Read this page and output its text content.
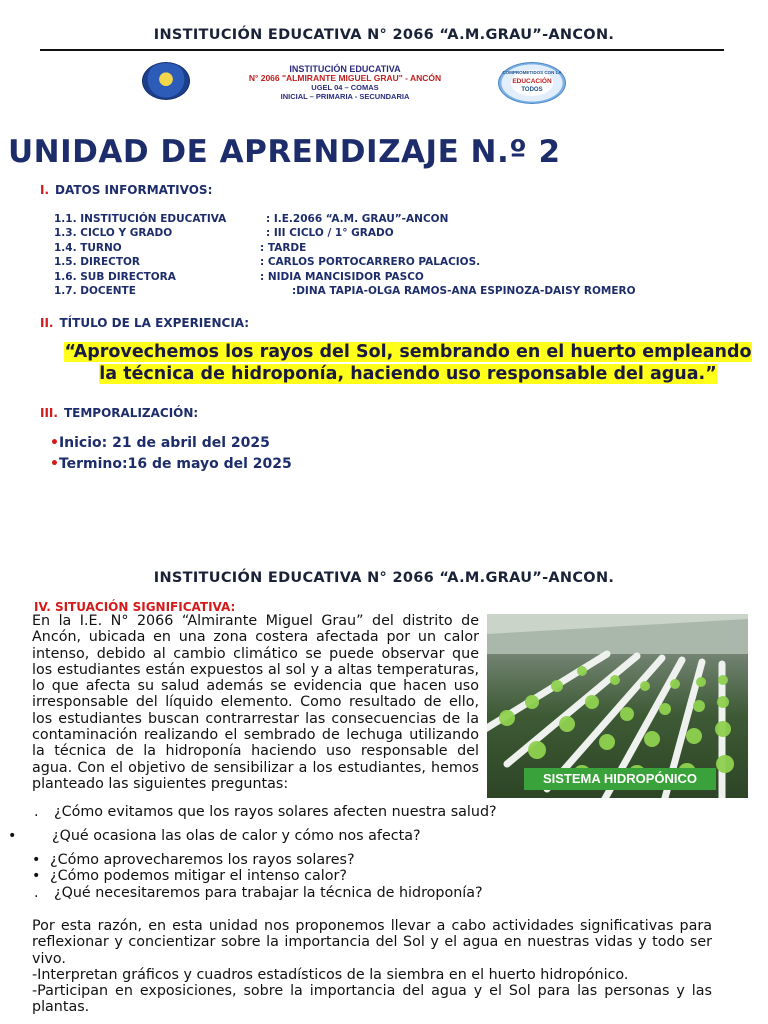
INSTITUCIÓN EDUCATIVA N° 2066 “A.M.GRAU”-ANCON.
INSTITUCIÓN EDUCATIVA
N° 2066 "ALMIRANTE MIGUEL GRAU" - ANCÓN
UGEL 04 – COMAS
INICIAL – PRIMARIA - SECUNDARIA
COMPROMETIDOS CON LA
EDUCACIÓN
TODOS
UNIDAD DE APRENDIZAJE N.º 2
I. DATOS INFORMATIVOS:
1.1. INSTITUCIÓN EDUCATIVA	: I.E.2066 “A.M. GRAU”-ANCON
1.3. CICLO Y GRADO	: III CICLO / 1° GRADO
1.4. TURNO	: TARDE
1.5. DIRECTOR	: CARLOS PORTOCARRERO PALACIOS.
1.6. SUB DIRECTORA	: NIDIA MANCISIDOR PASCO
1.7. DOCENTE	:DINA TAPIA-OLGA RAMOS-ANA ESPINOZA-DAISY ROMERO
II. TÍTULO DE LA EXPERIENCIA:
“Aprovechemos los rayos del Sol, sembrando en el huerto empleando la técnica de hidroponía, haciendo uso responsable del agua.”
III. TEMPORALIZACIÓN:
•Inicio: 21 de abril del 2025
•Termino:16 de mayo del 2025
INSTITUCIÓN EDUCATIVA N° 2066 “A.M.GRAU”-ANCON.
IV. SITUACIÓN SIGNIFICATIVA:
En la I.E. N° 2066 “Almirante Miguel Grau” del distrito de Ancón, ubicada en una zona costera afectada por un calor intenso, debido al cambio climático se puede observar que los estudiantes están expuestos al sol y a altas temperaturas, lo que afecta su salud además se evidencia que hacen uso irresponsable del líquido elemento. Como resultado de ello, los estudiantes buscan contrarrestar las consecuencias de la contaminación realizando el sembrado de lechuga utilizando la técnica de la hidroponía haciendo uso responsable del agua. Con el objetivo de sensibilizar a los estudiantes, hemos planteado las siguientes preguntas:	SISTEMA HIDROPÓNICO
. ¿Cómo evitamos que los rayos solares afecten nuestra salud?
• ¿Qué ocasiona las olas de calor y cómo nos afecta?
• ¿Cómo aprovecharemos los rayos solares?
• ¿Cómo podemos mitigar el intenso calor?
. ¿Qué necesitaremos para trabajar la técnica de hidroponía?
Por esta razón, en esta unidad nos proponemos llevar a cabo actividades significativas para reflexionar y concientizar sobre la importancia del Sol y el agua en nuestras vidas y todo ser vivo.
-Interpretan gráficos y cuadros estadísticos de la siembra en el huerto hidropónico.
-Participan en exposiciones, sobre la importancia del agua y el Sol para las personas y las plantas.
